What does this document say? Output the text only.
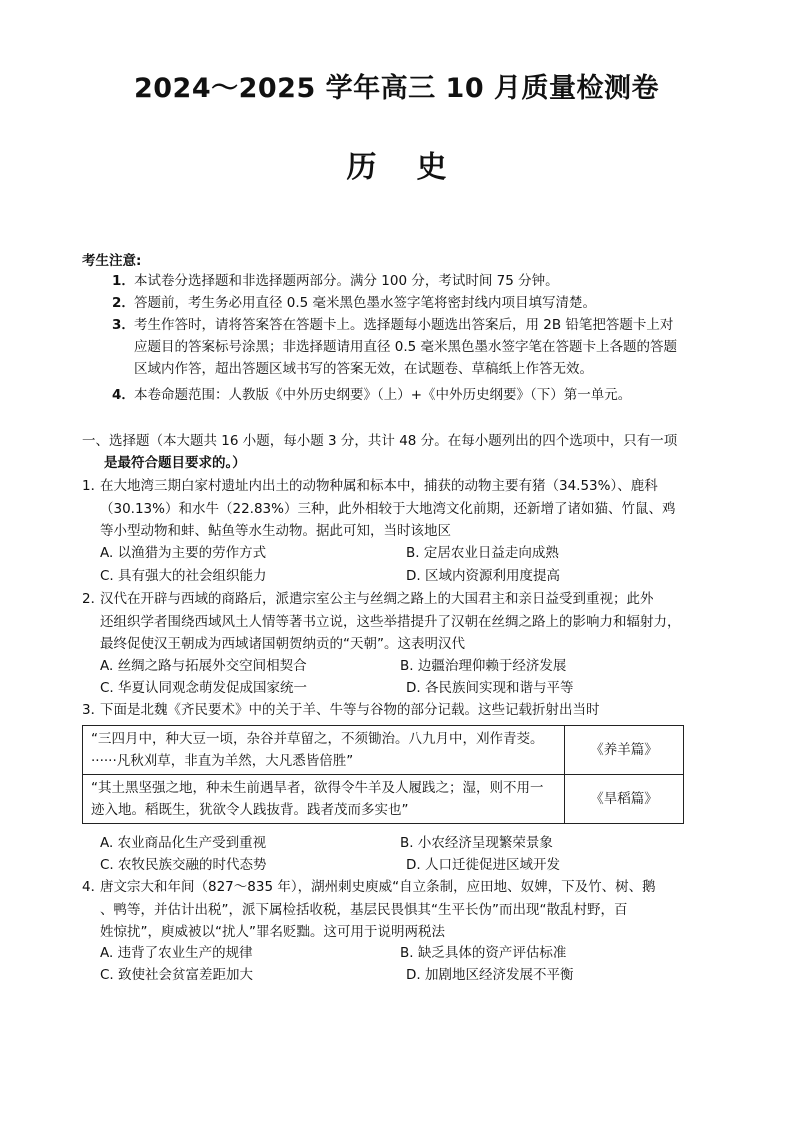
2024～2025 学年高三 10 月质量检测卷
历史
考生注意:
1．本试卷分选择题和非选择题两部分。满分 100 分，考试时间 75 分钟。
2．答题前，考生务必用直径 0.5 毫米黑色墨水签字笔将密封线内项目填写清楚。
3．考生作答时，请将答案答在答题卡上。选择题每小题选出答案后，用 2B 铅笔把答题卡上对
应题目的答案标号涂黑；非选择题请用直径 0.5 毫米黑色墨水签字笔在答题卡上各题的答题
区域内作答，超出答题区域书写的答案无效，在试题卷、草稿纸上作答无效。
4．本卷命题范围：人教版《中外历史纲要》（上）+《中外历史纲要》（下）第一单元。
一、选择题（本大题共 16 小题，每小题 3 分，共计 48 分。在每小题列出的四个选项中，只有一项
是最符合题目要求的。）
1．在大地湾三期白家村遗址内出土的动物种属和标本中，捕获的动物主要有猪（34.53%）、鹿科
（30.13%）和水牛（22.83%）三种，此外相较于大地湾文化前期，还新增了诸如猫、竹鼠、鸡
等小型动物和蚌、鲇鱼等水生动物。据此可知，当时该地区
A. 以渔猎为主要的劳作方式	B. 定居农业日益走向成熟
C. 具有强大的社会组织能力	D. 区域内资源利用度提高
2．汉代在开辟与西域的商路后，派遣宗室公主与丝绸之路上的大国君主和亲日益受到重视；此外
还组织学者围绕西域风土人情等著书立说，这些举措提升了汉朝在丝绸之路上的影响力和辐射力，
最终促使汉王朝成为西域诸国朝贺纳贡的“天朝”。这表明汉代
A. 丝绸之路与拓展外交空间相契合	B. 边疆治理仰赖于经济发展
C. 华夏认同观念萌发促成国家统一	D. 各民族间实现和谐与平等
3．下面是北魏《齐民要术》中的关于羊、牛等与谷物的部分记载。这些记载折射出当时
“三四月中，种大豆一顷，杂谷并草留之，不须锄治。八九月中，刈作青茭。······凡秋刈草，非直为羊然，大凡悉皆倍胜”	《养羊篇》
“其土黑坚强之地，种未生前遇旱者，欲得令牛羊及人履践之；湿，则不用一迹入地。稻既生，犹欲令人践抜背。践者茂而多实也”	《旱稻篇》
A. 农业商品化生产受到重视	B. 小农经济呈现繁荣景象
C. 农牧民族交融的时代态势	D. 人口迁徙促进区域开发
4．唐文宗大和年间（827～835 年），湖州刺史庾威“自立条制，应田地、奴婢，下及竹、树、鹅
、鸭等，并估计出税”，派下属检括收税，基层民畏惧其“生平长伪”而出现“散乱村野，百
姓惊扰”，庾威被以“扰人”罪名贬黜。这可用于说明两税法
A. 违背了农业生产的规律	B. 缺乏具体的资产评估标准
C. 致使社会贫富差距加大	D. 加剧地区经济发展不平衡
